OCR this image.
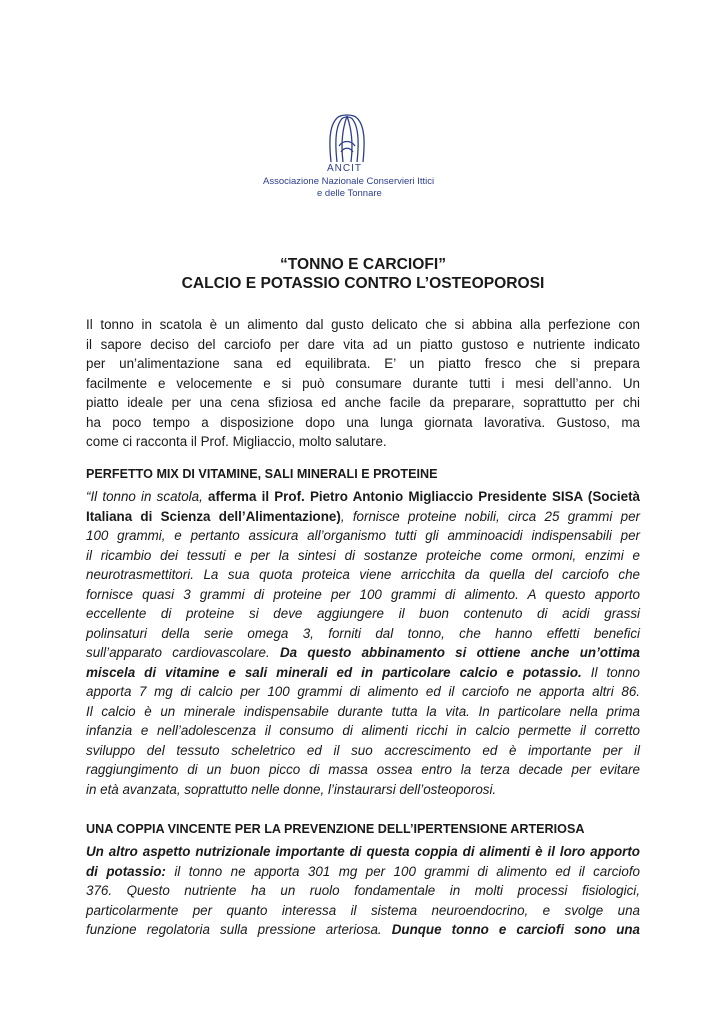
ANCIT
Associazione Nazionale Conservieri Ittici
e delle Tonnare
“TONNO E CARCIOFI”
CALCIO E POTASSIO CONTRO L’OSTEOPOROSI
Il tonno in scatola è un alimento dal gusto delicato che si abbina alla perfezione con
il sapore deciso del carciofo per dare vita ad un piatto gustoso e nutriente indicato
per un’alimentazione sana ed equilibrata. E’ un piatto fresco che si prepara
facilmente e velocemente e si può consumare durante tutti i mesi dell’anno. Un
piatto ideale per una cena sfiziosa ed anche facile da preparare, soprattutto per chi
ha poco tempo a disposizione dopo una lunga giornata lavorativa. Gustoso, ma
come ci racconta il Prof. Migliaccio, molto salutare.
PERFETTO MIX DI VITAMINE, SALI MINERALI E PROTEINE
“Il tonno in scatola, afferma il Prof. Pietro Antonio Migliaccio Presidente SISA (Società
Italiana di Scienza dell’Alimentazione), fornisce proteine nobili, circa 25 grammi per
100 grammi, e pertanto assicura all’organismo tutti gli amminoacidi indispensabili per
il ricambio dei tessuti e per la sintesi di sostanze proteiche come ormoni, enzimi e
neurotrasmettitori. La sua quota proteica viene arricchita da quella del carciofo che
fornisce quasi 3 grammi di proteine per 100 grammi di alimento. A questo apporto
eccellente di proteine si deve aggiungere il buon contenuto di acidi grassi
polinsaturi della serie omega 3, forniti dal tonno, che hanno effetti benefici
sull’apparato cardiovascolare. Da questo abbinamento si ottiene anche un’ottima
miscela di vitamine e sali minerali ed in particolare calcio e potassio. Il tonno
apporta 7 mg di calcio per 100 grammi di alimento ed il carciofo ne apporta altri 86.
Il calcio è un minerale indispensabile durante tutta la vita. In particolare nella prima
infanzia e nell’adolescenza il consumo di alimenti ricchi in calcio permette il corretto
sviluppo del tessuto scheletrico ed il suo accrescimento ed è importante per il
raggiungimento di un buon picco di massa ossea entro la terza decade per evitare
in età avanzata, soprattutto nelle donne, l’instaurarsi dell’osteoporosi.
UNA COPPIA VINCENTE PER LA PREVENZIONE DELL’IPERTENSIONE ARTERIOSA
Un altro aspetto nutrizionale importante di questa coppia di alimenti è il loro apporto
di potassio: il tonno ne apporta 301 mg per 100 grammi di alimento ed il carciofo
376. Questo nutriente ha un ruolo fondamentale in molti processi fisiologici,
particolarmente per quanto interessa il sistema neuroendocrino, e svolge una
funzione regolatoria sulla pressione arteriosa. Dunque tonno e carciofi sono una
